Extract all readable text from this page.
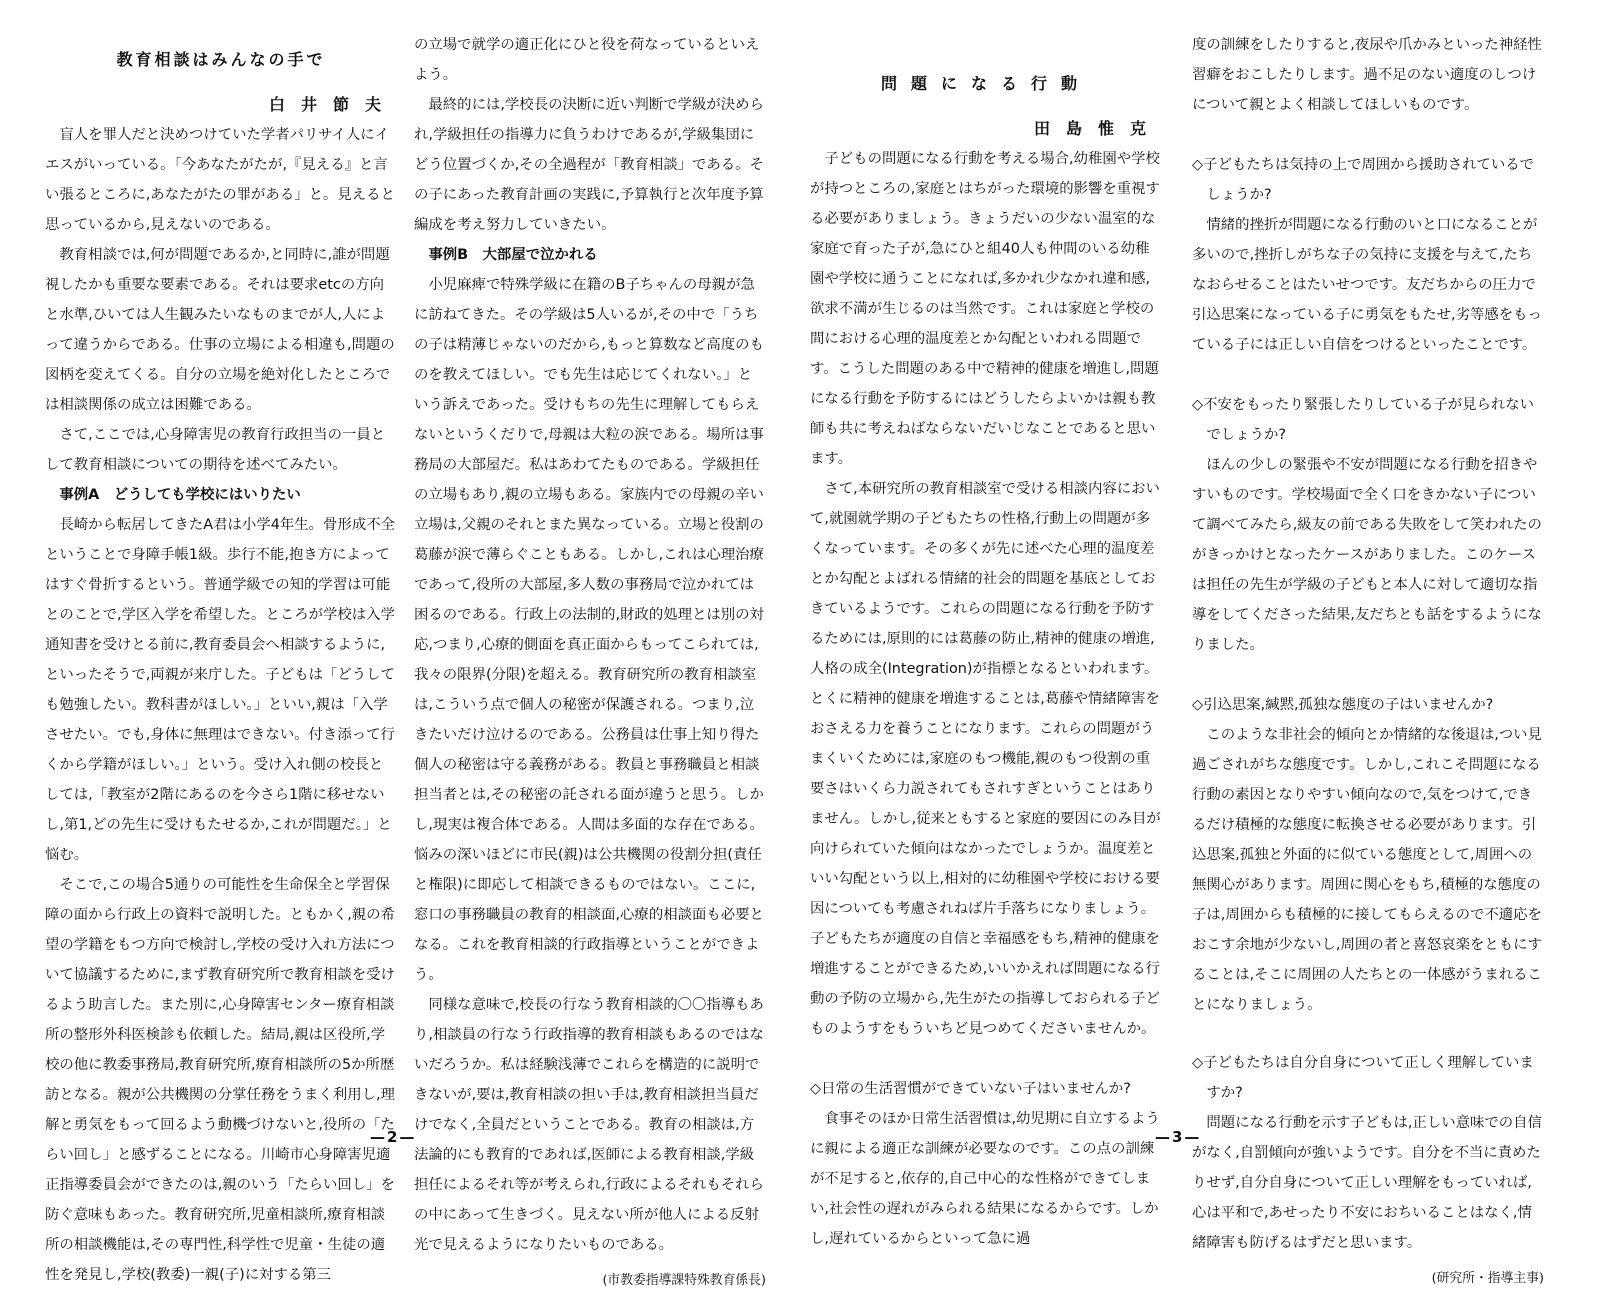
教育相談はみんなの手で
白井節夫

盲人を罪人だと決めつけていた学者パリサイ人にイエスがいっている。「今あなたがたが,『見える』と言い張るところに,あなたがたの罪がある」と。見えると思っているから,見えないのである。

教育相談では,何が問題であるか,と同時に,誰が問題視したかも重要な要素である。それは要求etcの方向と水準,ひいては人生観みたいなものまでが人,人によって違うからである。仕事の立場による相違も,問題の図柄を変えてくる。自分の立場を絶対化したところでは相談関係の成立は困難である。

さて,ここでは,心身障害児の教育行政担当の一員として教育相談についての期待を述べてみたい。

事例A　どうしても学校にはいりたい

長崎から転居してきたA君は小学4年生。骨形成不全ということで身障手帳1級。歩行不能,抱き方によってはすぐ骨折するという。普通学級での知的学習は可能とのことで,学区入学を希望した。ところが学校は入学通知書を受けとる前に,教育委員会へ相談するように,といったそうで,両親が来庁した。子どもは「どうしても勉強したい。教科書がほしい。」といい,親は「入学させたい。でも,身体に無理はできない。付き添って行くから学籍がほしい。」という。受け入れ側の校長としては,「教室が2階にあるのを今さら1階に移せないし,第1,どの先生に受けもたせるか,これが問題だ。」と悩む。

そこで,この場合5通りの可能性を生命保全と学習保障の面から行政上の資料で説明した。ともかく,親の希望の学籍をもつ方向で検討し,学校の受け入れ方法について協議するために,まず教育研究所で教育相談を受けるよう助言した。また別に,心身障害センター療育相談所の整形外科医検診も依頼した。結局,親は区役所,学校の他に教委事務局,教育研究所,療育相談所の5か所歴訪となる。親が公共機関の分掌任務をうまく利用し,理解と勇気をもって回るよう動機づけないと,役所の「たらい回し」と感ずることになる。川崎市心身障害児適正指導委員会ができたのは,親のいう「たらい回し」を防ぐ意味もあった。教育研究所,児童相談所,療育相談所の相談機能は,その専門性,科学性で児童・生徒の適性を発見し,学校(教委)一親(子)に対する第三

の立場で就学の適正化にひと役を荷なっているといえよう。

最終的には,学校長の決断に近い判断で学級が決められ,学級担任の指導力に負うわけであるが,学級集団にどう位置づくか,その全過程が「教育相談」である。その子にあった教育計画の実践に,予算執行と次年度予算編成を考え努力していきたい。

事例B　大部屋で泣かれる

小児麻痺で特殊学級に在籍のB子ちゃんの母親が急に訪ねてきた。その学級は5人いるが,その中で「うちの子は精薄じゃないのだから,もっと算数など高度のものを教えてほしい。でも先生は応じてくれない。」という訴えであった。受けもちの先生に理解してもらえないというくだりで,母親は大粒の涙である。場所は事務局の大部屋だ。私はあわてたものである。学級担任の立場もあり,親の立場もある。家族内での母親の辛い立場は,父親のそれとまた異なっている。立場と役割の葛藤が涙で薄らぐこともある。しかし,これは心理治療であって,役所の大部屋,多人数の事務局で泣かれては困るのである。行政上の法制的,財政的処理とは別の対応,つまり,心療的側面を真正面からもってこられては,我々の限界(分限)を超える。教育研究所の教育相談室は,こういう点で個人の秘密が保護される。つまり,泣きたいだけ泣けるのである。公務員は仕事上知り得た個人の秘密は守る義務がある。教員と事務職員と相談担当者とは,その秘密の託される面が違うと思う。しかし,現実は複合体である。人間は多面的な存在である。悩みの深いほどに市民(親)は公共機関の役割分担(責任と権限)に即応して相談できるものではない。ここに,窓口の事務職員の教育的相談面,心療的相談面も必要となる。これを教育相談的行政指導ということができよう。

同様な意味で,校長の行なう教育相談的〇〇指導もあり,相談員の行なう行政指導的教育相談もあるのではないだろうか。私は経験浅薄でこれらを構造的に説明できないが,要は,教育相談の担い手は,教育相談担当員だけでなく,全員だということである。教育の相談は,方法論的にも教育的であれば,医師による教育相談,学級担任によるそれ等が考えられ,行政によるそれもそれらの中にあって生きづく。見えない所が他人による反射光で見えるようになりたいものである。

(市教委指導課特殊教育係長)
—2—
問題になる行動
田島惟克

子どもの問題になる行動を考える場合,幼稚園や学校が持つところの,家庭とはちがった環境的影響を重視する必要がありましょう。きょうだいの少ない温室的な家庭で育った子が,急にひと組40人も仲間のいる幼稚園や学校に通うことになれば,多かれ少なかれ違和感,欲求不満が生じるのは当然です。これは家庭と学校の間における心理的温度差とか勾配といわれる問題です。こうした問題のある中で精神的健康を増進し,問題になる行動を予防するにはどうしたらよいかは親も教師も共に考えねばならないだいじなことであると思います。

さて,本研究所の教育相談室で受ける相談内容において,就園就学期の子どもたちの性格,行動上の問題が多くなっています。その多くが先に述べた心理的温度差とか勾配とよばれる情緒的社会的問題を基底としておきているようです。これらの問題になる行動を予防するためには,原則的には葛藤の防止,精神的健康の増進,人格の成全(Integration)が指標となるといわれます。とくに精神的健康を増進することは,葛藤や情緒障害をおさえる力を養うことになります。これらの問題がうまくいくためには,家庭のもつ機能,親のもつ役割の重要さはいくら力説されてもされすぎということはありません。しかし,従来ともすると家庭的要因にのみ目が向けられていた傾向はなかったでしょうか。温度差といい勾配という以上,相対的に幼稚園や学校における要因についても考慮されねば片手落ちになりましょう。子どもたちが適度の自信と幸福感をもち,精神的健康を増進することができるため,いいかえれば問題になる行動の予防の立場から,先生がたの指導しておられる子どものようすをもういちど見つめてくださいませんか。

◇日常の生活習慣ができていない子はいませんか?

食事そのほか日常生活習慣は,幼児期に自立するように親による適正な訓練が必要なのです。この点の訓練が不足すると,依存的,自己中心的な性格ができてしまい,社会性の遅れがみられる結果になるからです。しかし,遅れているからといって急に過

度の訓練をしたりすると,夜尿や爪かみといった神経性習癖をおこしたりします。過不足のない適度のしつけについて親とよく相談してほしいものです。

◇子どもたちは気持の上で周囲から援助されているでしょうか?

情緒的挫折が問題になる行動のいと口になることが多いので,挫折しがちな子の気持に支援を与えて,たちなおらせることはたいせつです。友だちからの圧力で引込思案になっている子に勇気をもたせ,劣等感をもっている子には正しい自信をつけるといったことです。

◇不安をもったり緊張したりしている子が見られないでしょうか?

ほんの少しの緊張や不安が問題になる行動を招きやすいものです。学校場面で全く口をきかない子について調べてみたら,級友の前である失敗をして笑われたのがきっかけとなったケースがありました。このケースは担任の先生が学級の子どもと本人に対して適切な指導をしてくださった結果,友だちとも話をするようになりました。

◇引込思案,緘黙,孤独な態度の子はいませんか?

このような非社会的傾向とか情緒的な後退は,つい見過ごされがちな態度です。しかし,これこそ問題になる行動の素因となりやすい傾向なので,気をつけて,できるだけ積極的な態度に転換させる必要があります。引込思案,孤独と外面的に似ている態度として,周囲への無関心があります。周囲に関心をもち,積極的な態度の子は,周囲からも積極的に接してもらえるので不適応をおこす余地が少ないし,周囲の者と喜怒哀楽をともにすることは,そこに周囲の人たちとの一体感がうまれることになりましょう。

◇子どもたちは自分自身について正しく理解していますか?

問題になる行動を示す子どもは,正しい意味での自信がなく,自罰傾向が強いようです。自分を不当に責めたりせず,自分自身について正しい理解をもっていれば,心は平和で,あせったり不安におちいることはなく,情緒障害も防げるはずだと思います。

(研究所・指導主事)
—3—
